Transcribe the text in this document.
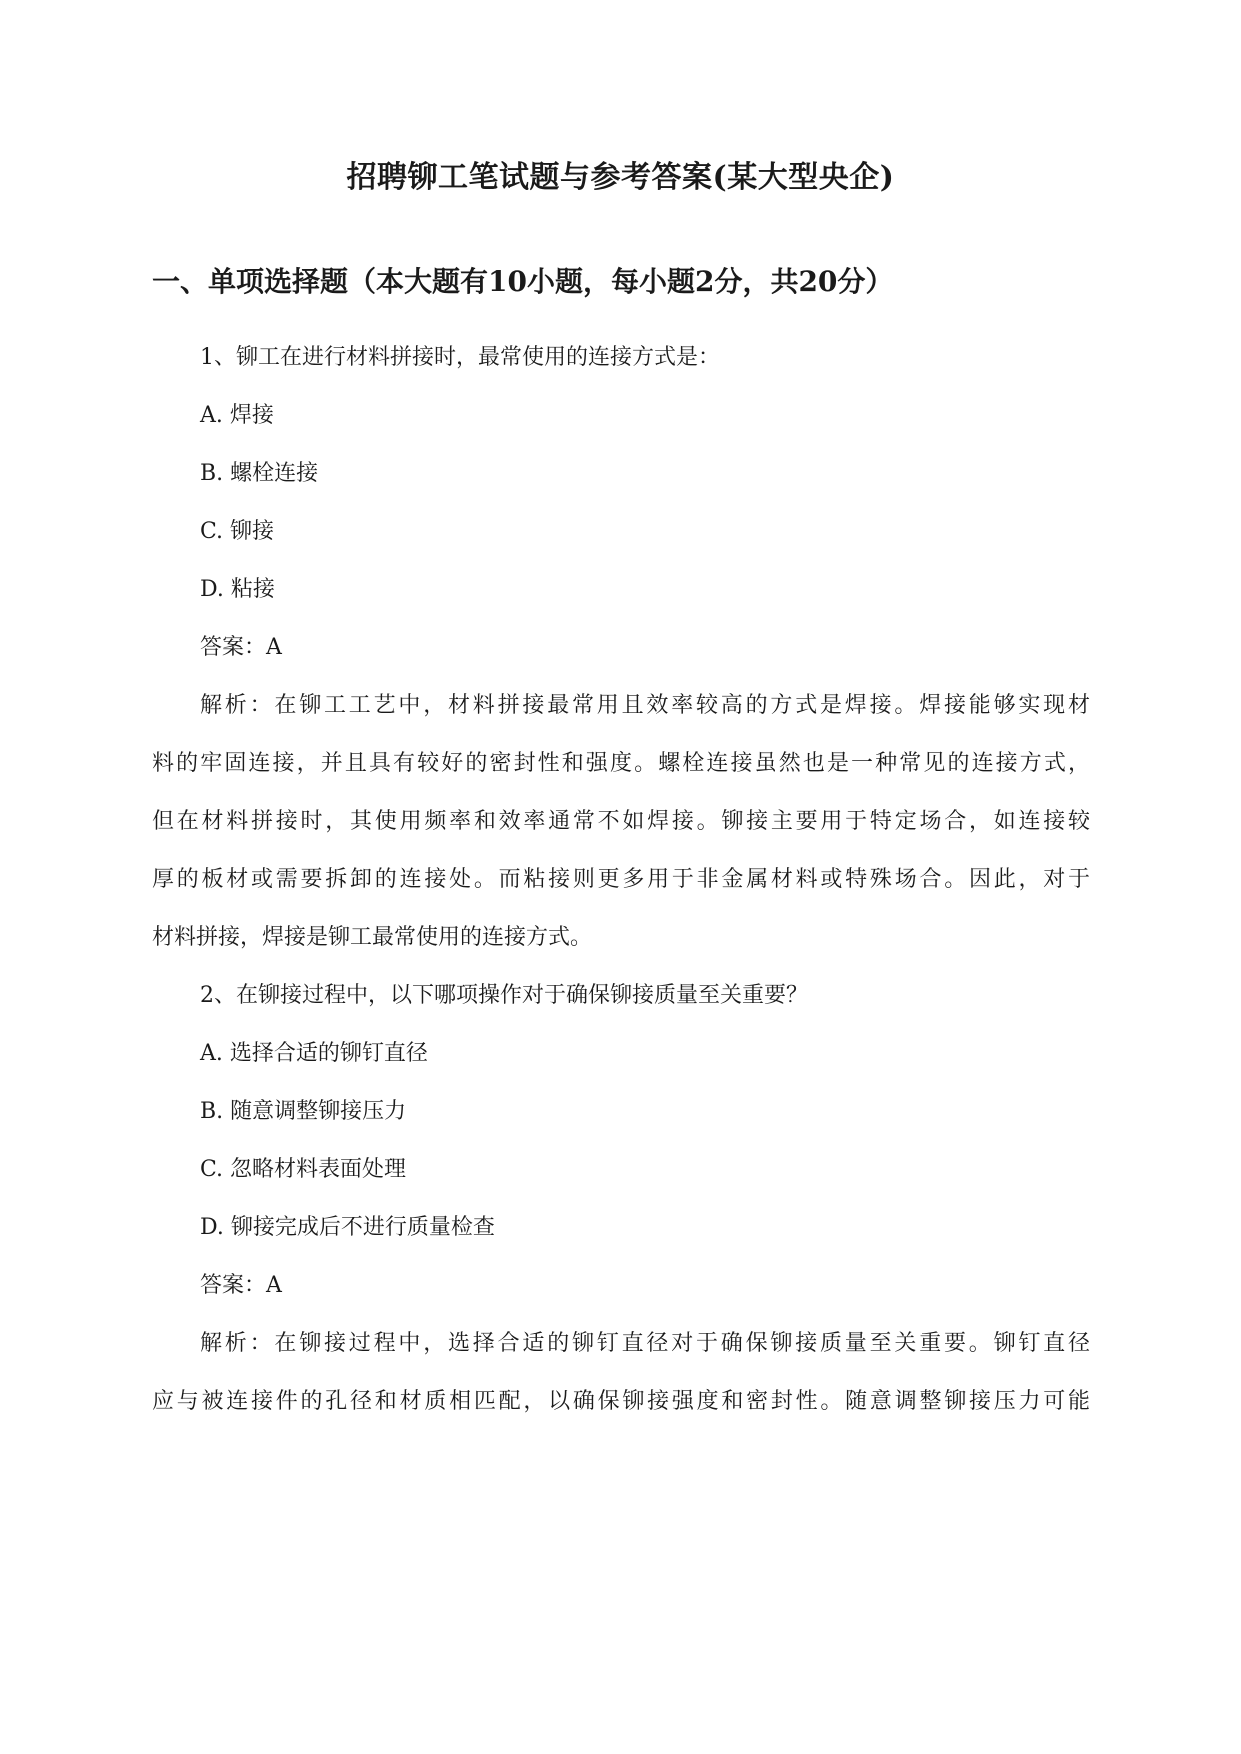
招聘铆工笔试题与参考答案(某大型央企)
一、单项选择题（本大题有10小题，每小题2分，共20分）
1、铆工在进行材料拼接时，最常使用的连接方式是：
A. 焊接
B. 螺栓连接
C. 铆接
D. 粘接
答案：A
解析：在铆工工艺中，材料拼接最常用且效率较高的方式是焊接。焊接能够实现材
料的牢固连接，并且具有较好的密封性和强度。螺栓连接虽然也是一种常见的连接方式，
但在材料拼接时，其使用频率和效率通常不如焊接。铆接主要用于特定场合，如连接较
厚的板材或需要拆卸的连接处。而粘接则更多用于非金属材料或特殊场合。因此，对于
材料拼接，焊接是铆工最常使用的连接方式。
2、在铆接过程中，以下哪项操作对于确保铆接质量至关重要？
A. 选择合适的铆钉直径
B. 随意调整铆接压力
C. 忽略材料表面处理
D. 铆接完成后不进行质量检查
答案：A
解析：在铆接过程中，选择合适的铆钉直径对于确保铆接质量至关重要。铆钉直径
应与被连接件的孔径和材质相匹配，以确保铆接强度和密封性。随意调整铆接压力可能
